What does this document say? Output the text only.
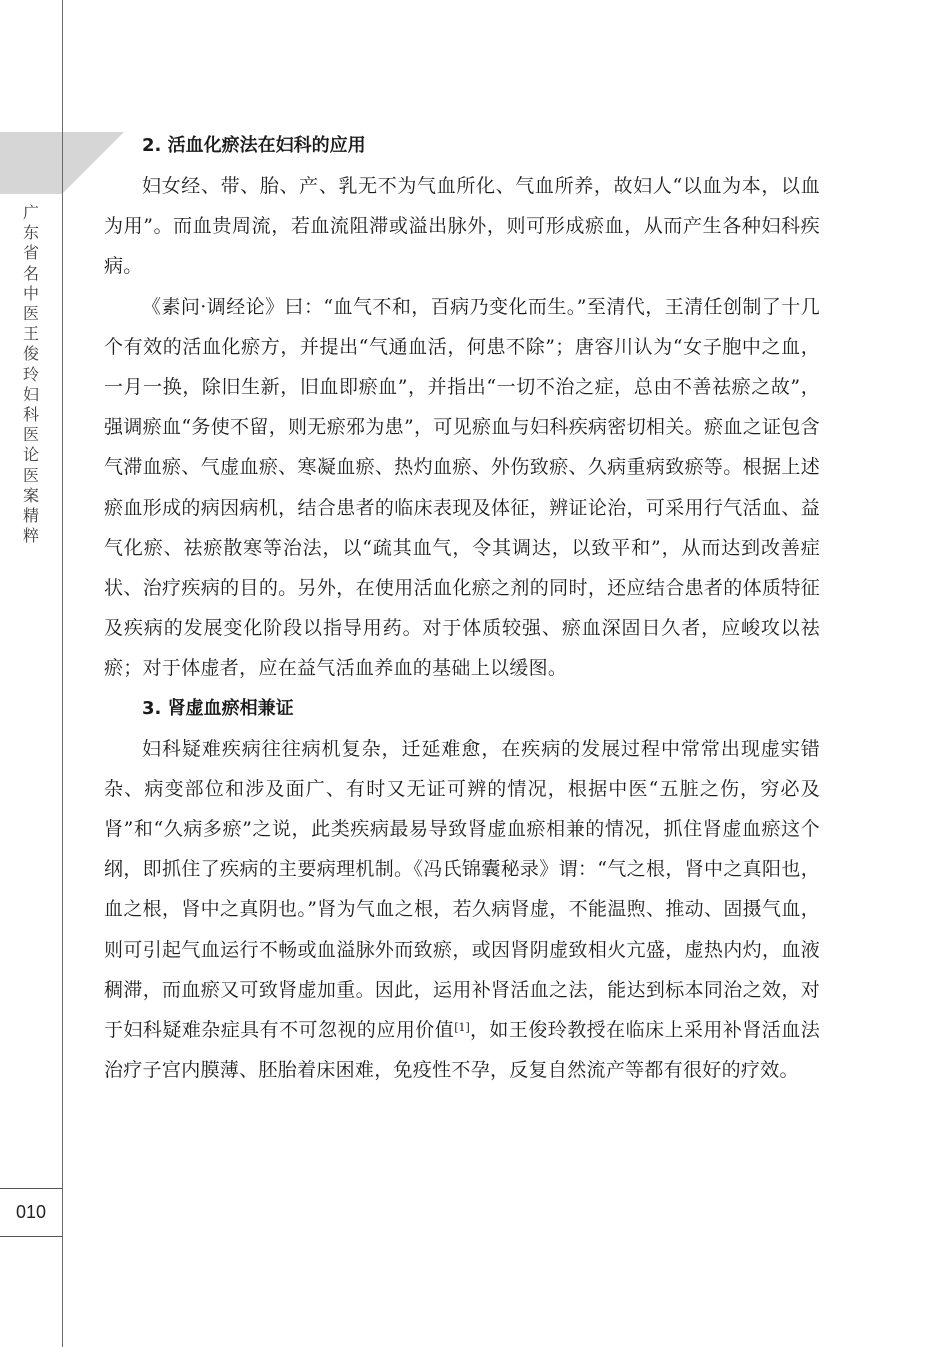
广东省名中医王俊玲妇科医论医案精粹
010
2. 活血化瘀法在妇科的应用

妇女经、带、胎、产、乳无不为气血所化、气血所养，故妇人“以血为本，以血为用”。而血贵周流，若血流阻滞或溢出脉外，则可形成瘀血，从而产生各种妇科疾病。

《素问·调经论》曰：“血气不和，百病乃变化而生。”至清代，王清任创制了十几个有效的活血化瘀方，并提出“气通血活，何患不除”；唐容川认为“女子胞中之血，一月一换，除旧生新，旧血即瘀血”，并指出“一切不治之症，总由不善祛瘀之故”，强调瘀血“务使不留，则无瘀邪为患”，可见瘀血与妇科疾病密切相关。瘀血之证包含气滞血瘀、气虚血瘀、寒凝血瘀、热灼血瘀、外伤致瘀、久病重病致瘀等。根据上述瘀血形成的病因病机，结合患者的临床表现及体征，辨证论治，可采用行气活血、益气化瘀、祛瘀散寒等治法，以“疏其血气，令其调达，以致平和”，从而达到改善症状、治疗疾病的目的。另外，在使用活血化瘀之剂的同时，还应结合患者的体质特征及疾病的发展变化阶段以指导用药。对于体质较强、瘀血深固日久者，应峻攻以祛瘀；对于体虚者，应在益气活血养血的基础上以缓图。

3. 肾虚血瘀相兼证

妇科疑难疾病往往病机复杂，迁延难愈，在疾病的发展过程中常常出现虚实错杂、病变部位和涉及面广、有时又无证可辨的情况，根据中医“五脏之伤，穷必及肾”和“久病多瘀”之说，此类疾病最易导致肾虚血瘀相兼的情况，抓住肾虚血瘀这个纲，即抓住了疾病的主要病理机制。《冯氏锦囊秘录》谓：“气之根，肾中之真阳也，血之根，肾中之真阴也。”肾为气血之根，若久病肾虚，不能温煦、推动、固摄气血，则可引起气血运行不畅或血溢脉外而致瘀，或因肾阴虚致相火亢盛，虚热内灼，血液稠滞，而血瘀又可致肾虚加重。因此，运用补肾活血之法，能达到标本同治之效，对于妇科疑难杂症具有不可忽视的应用价值[1]，如王俊玲教授在临床上采用补肾活血法治疗子宫内膜薄、胚胎着床困难，免疫性不孕，反复自然流产等都有很好的疗效。
